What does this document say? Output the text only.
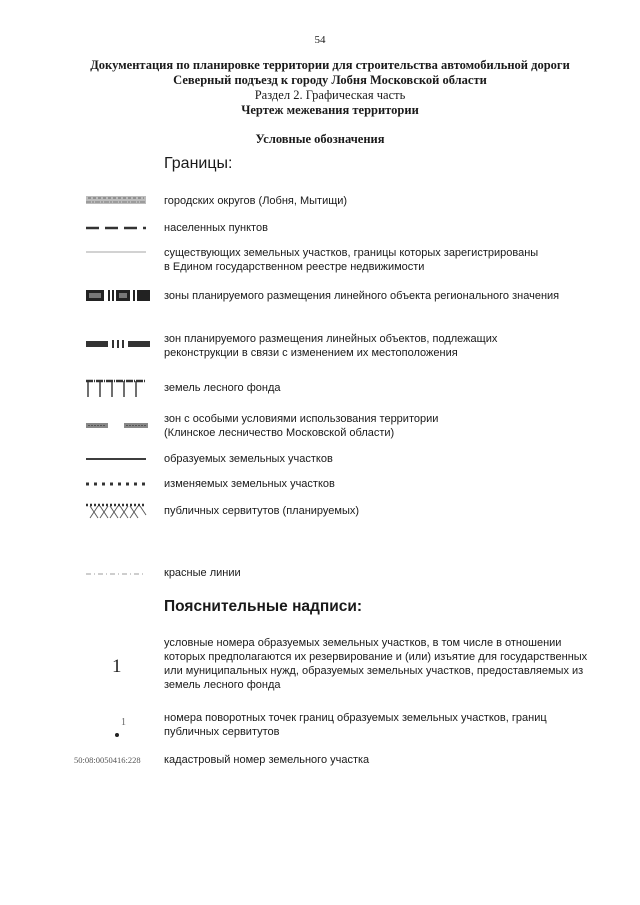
54
Документация по планировке территории для строительства автомобильной дороги
Северный подъезд к городу Лобня Московской области
Раздел 2. Графическая часть
Чертеж межевания территории
Условные обозначения
Границы:
городских округов (Лобня, Мытищи)
населенных пунктов
существующих земельных участков, границы которых зарегистрированы
в Едином государственном реестре недвижимости
зоны планируемого размещения линейного объекта регионального значения
зон планируемого размещения линейных объектов, подлежащих
реконструкции в связи с изменением их местоположения
земель лесного фонда
зон с особыми условиями использования территории
(Клинское лесничество Московской области)
образуемых земельных участков
изменяемых земельных участков
публичных сервитутов (планируемых)
красные линии
Пояснительные надписи:
1
условные номера образуемых земельных участков, в том числе в отношении
которых предполагаются их резервирование и (или) изъятие для государственных
или муниципальных нужд, образуемых земельных участков, предоставляемых из
земель лесного фонда
1	номера поворотных точек границ образуемых земельных участков, границ
публичных сервитутов
50:08:0050416:228 кадастровый номер земельного участка
